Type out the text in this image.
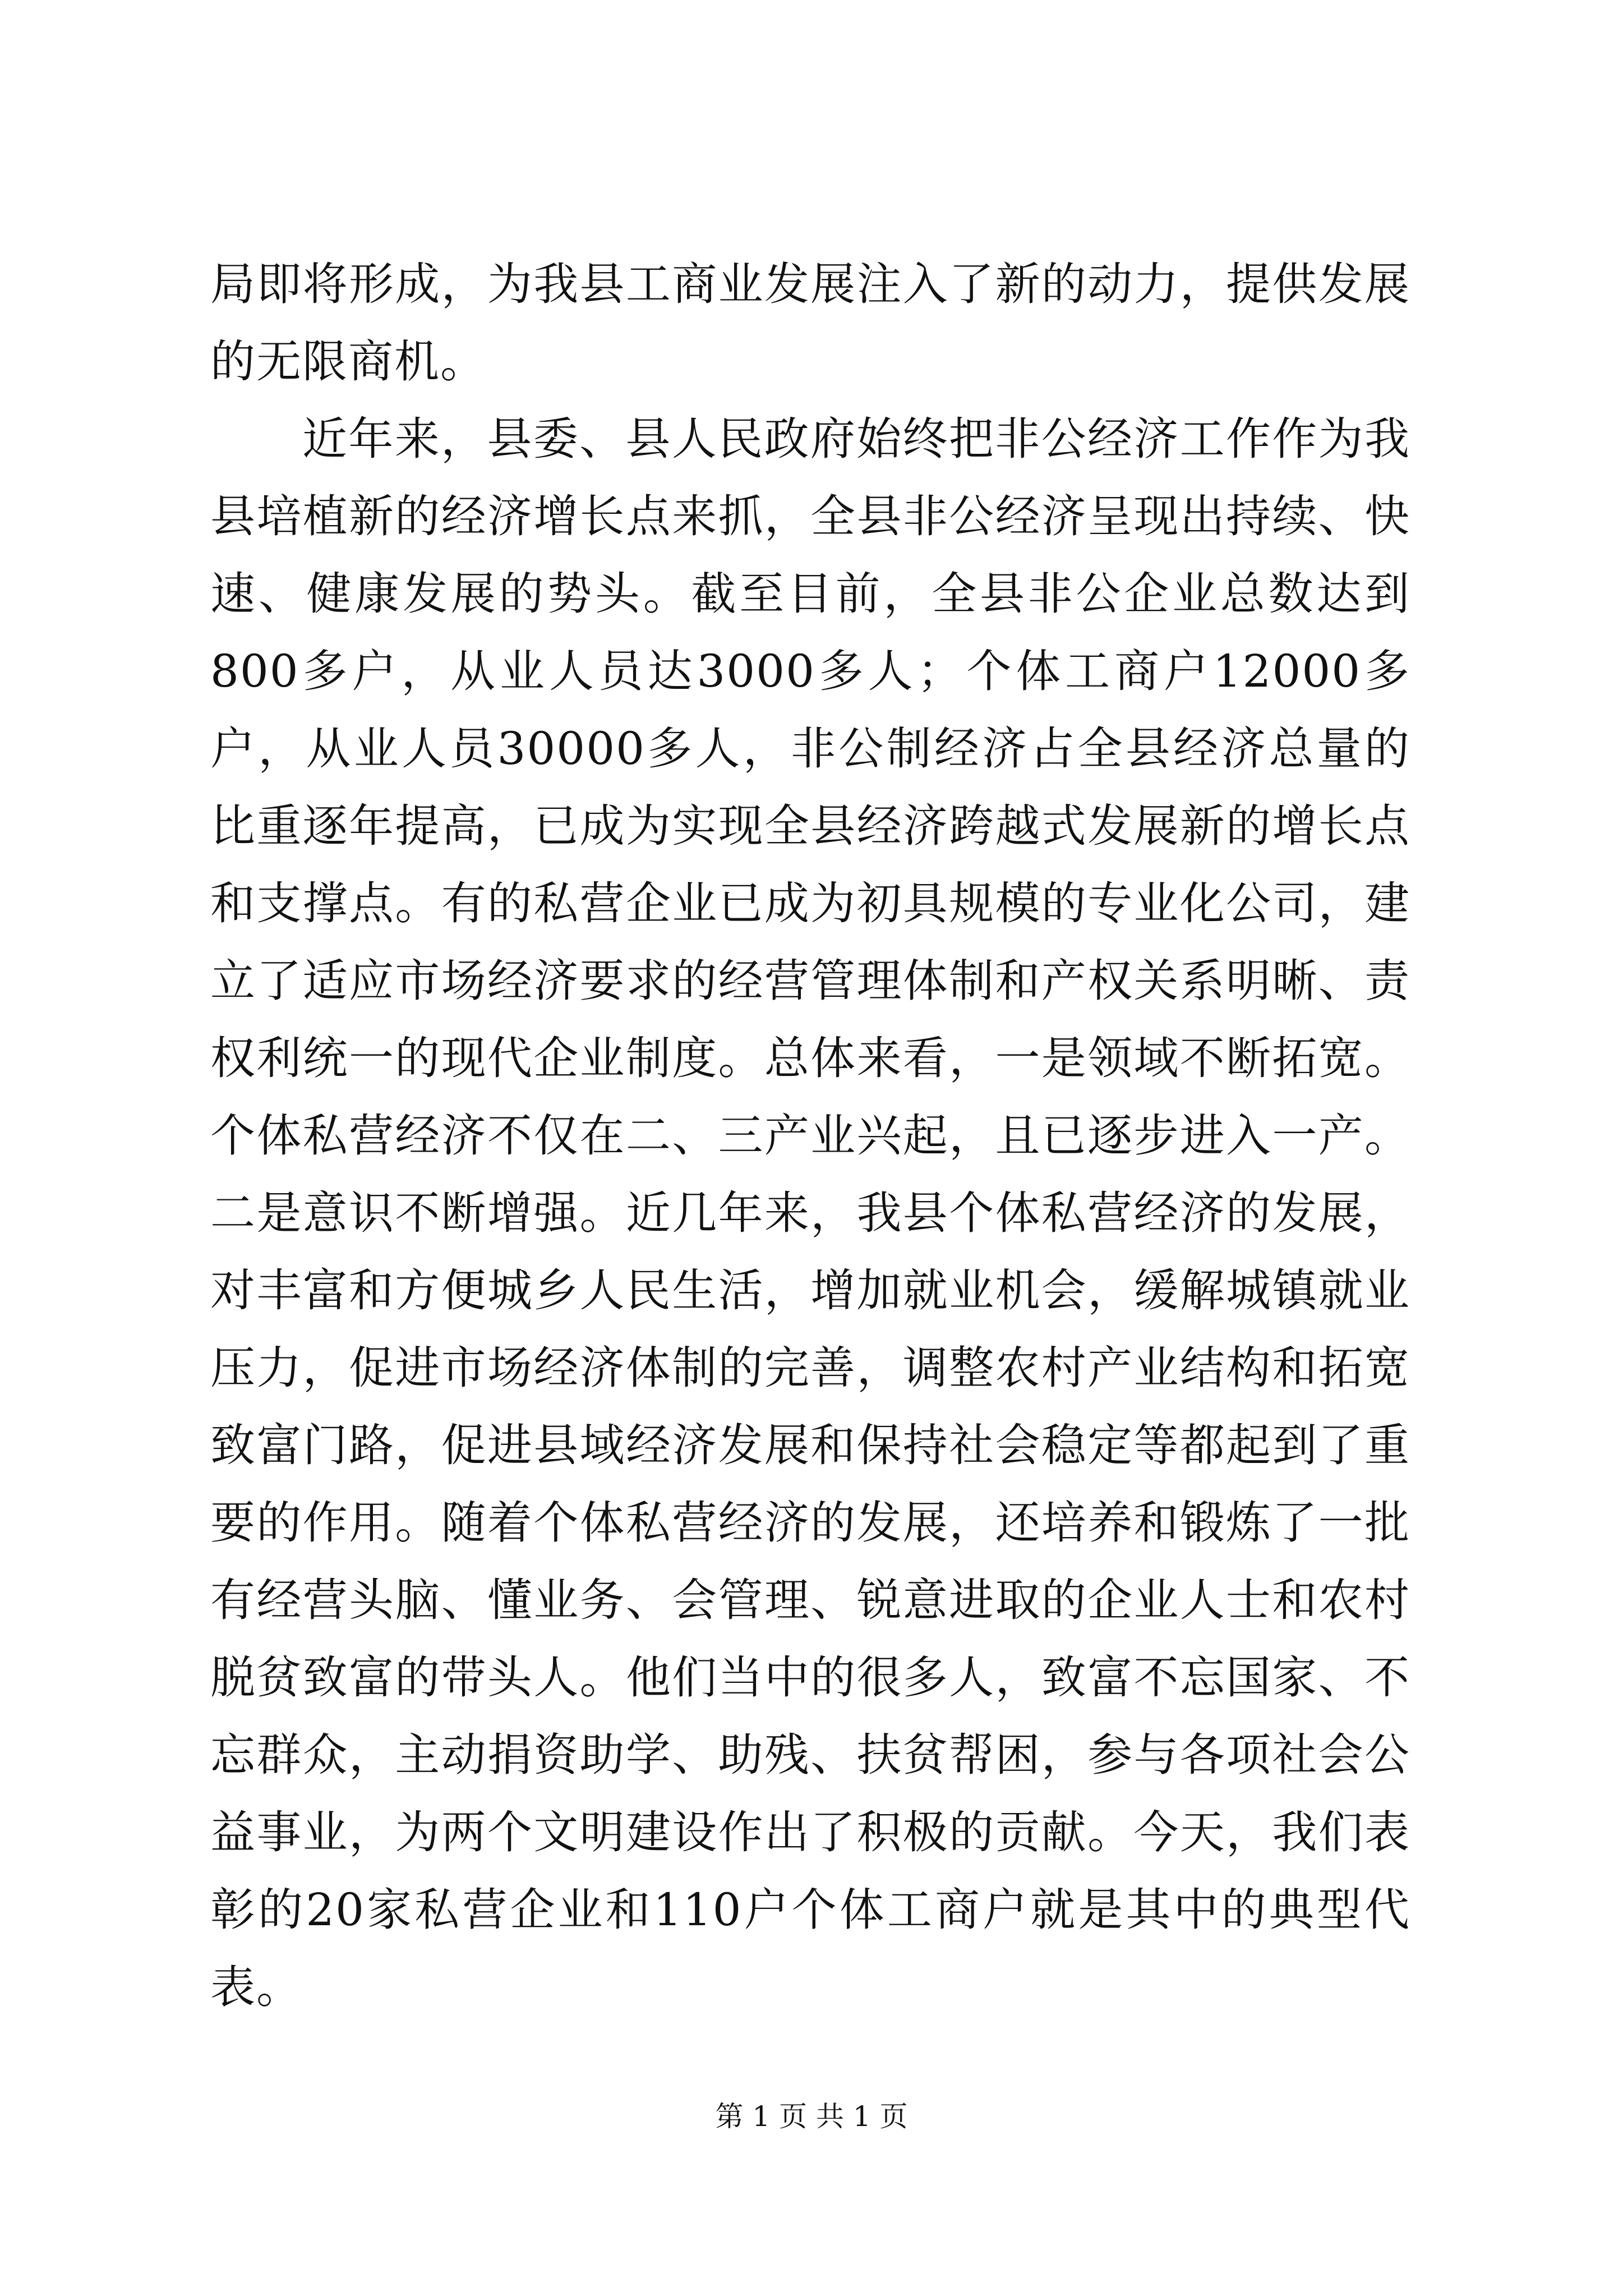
局即将形成，为我县工商业发展注入了新的动力，提供发展的无限商机。

近年来，县委、县人民政府始终把非公经济工作作为我县培植新的经济增长点来抓，全县非公经济呈现出持续、快速、健康发展的势头。截至目前，全县非公企业总数达到800多户，从业人员达3000多人；个体工商户12000多户，从业人员30000多人，非公制经济占全县经济总量的比重逐年提高，已成为实现全县经济跨越式发展新的增长点和支撑点。有的私营企业已成为初具规模的专业化公司，建立了适应市场经济要求的经营管理体制和产权关系明晰、责权利统一的现代企业制度。总体来看，一是领域不断拓宽。个体私营经济不仅在二、三产业兴起，且已逐步进入一产。二是意识不断增强。近几年来，我县个体私营经济的发展，对丰富和方便城乡人民生活，增加就业机会，缓解城镇就业压力，促进市场经济体制的完善，调整农村产业结构和拓宽致富门路，促进县域经济发展和保持社会稳定等都起到了重要的作用。随着个体私营经济的发展，还培养和锻炼了一批有经营头脑、懂业务、会管理、锐意进取的企业人士和农村脱贫致富的带头人。他们当中的很多人，致富不忘国家、不忘群众，主动捐资助学、助残、扶贫帮困，参与各项社会公益事业，为两个文明建设作出了积极的贡献。今天，我们表彰的20家私营企业和110户个体工商户就是其中的典型代表。

第 1 页 共 1 页
